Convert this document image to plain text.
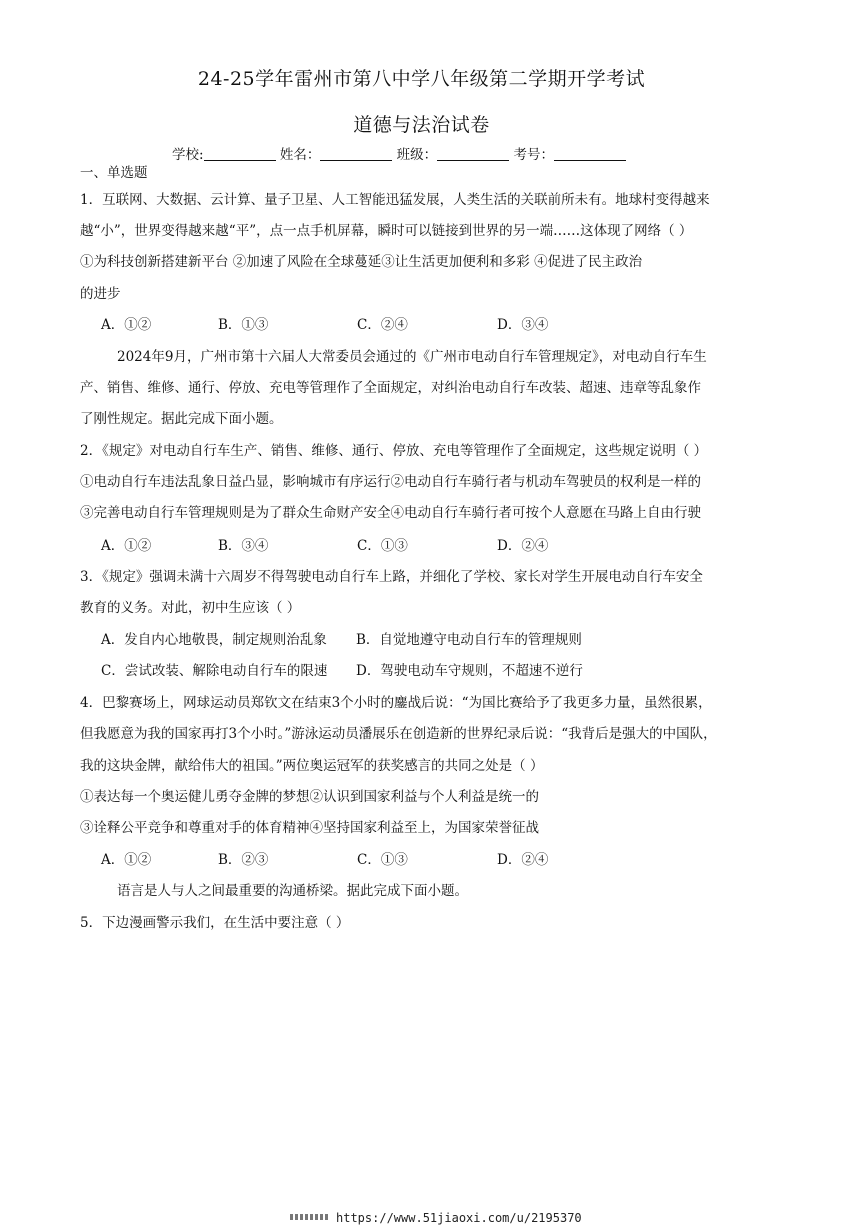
24-25学年雷州市第八中学八年级第二学期开学考试
道德与法治试卷
学校:	姓名：	班级：	考号：
一、单选题
1．互联网、大数据、云计算、量子卫星、人工智能迅猛发展，人类生活的关联前所未有。地球村变得越来
越“小”，世界变得越来越“平”，点一点手机屏幕，瞬时可以链接到世界的另一端……这体现了网络（ ）
①为科技创新搭建新平台 ②加速了风险在全球蔓延③让生活更加便利和多彩 ④促进了民主政治
的进步
A．①②	B．①③	C．②④	D．③④
2024年9月，广州市第十六届人大常委员会通过的《广州市电动自行车管理规定》，对电动自行车生
产、销售、维修、通行、停放、充电等管理作了全面规定，对纠治电动自行车改装、超速、违章等乱象作
了刚性规定。据此完成下面小题。
2．《规定》对电动自行车生产、销售、维修、通行、停放、充电等管理作了全面规定，这些规定说明（ ）
①电动自行车违法乱象日益凸显，影响城市有序运行②电动自行车骑行者与机动车驾驶员的权利是一样的
③完善电动自行车管理规则是为了群众生命财产安全④电动自行车骑行者可按个人意愿在马路上自由行驶
A．①②	B．③④	C．①③	D．②④
3．《规定》强调未满十六周岁不得驾驶电动自行车上路，并细化了学校、家长对学生开展电动自行车安全
教育的义务。对此，初中生应该（ ）
A．发自内心地敬畏，制定规则治乱象 B．自觉地遵守电动自行车的管理规则
C．尝试改装、解除电动自行车的限速 D．驾驶电动车守规则，不超速不逆行
4．巴黎赛场上，网球运动员郑钦文在结束3个小时的鏖战后说：“为国比赛给予了我更多力量，虽然很累，
但我愿意为我的国家再打3个小时。”游泳运动员潘展乐在创造新的世界纪录后说：“我背后是强大的中国队，
我的这块金牌，献给伟大的祖国。”两位奥运冠军的获奖感言的共同之处是（ ）
①表达每一个奥运健儿勇夺金牌的梦想②认识到国家利益与个人利益是统一的
③诠释公平竞争和尊重对手的体育精神④坚持国家利益至上，为国家荣誉征战
A．①②	B．②③	C．①③	D．②④
语言是人与人之间最重要的沟通桥梁。据此完成下面小题。
5．下边漫画警示我们，在生活中要注意（ ）
https://www.51jiaoxi.com/u/2195370
